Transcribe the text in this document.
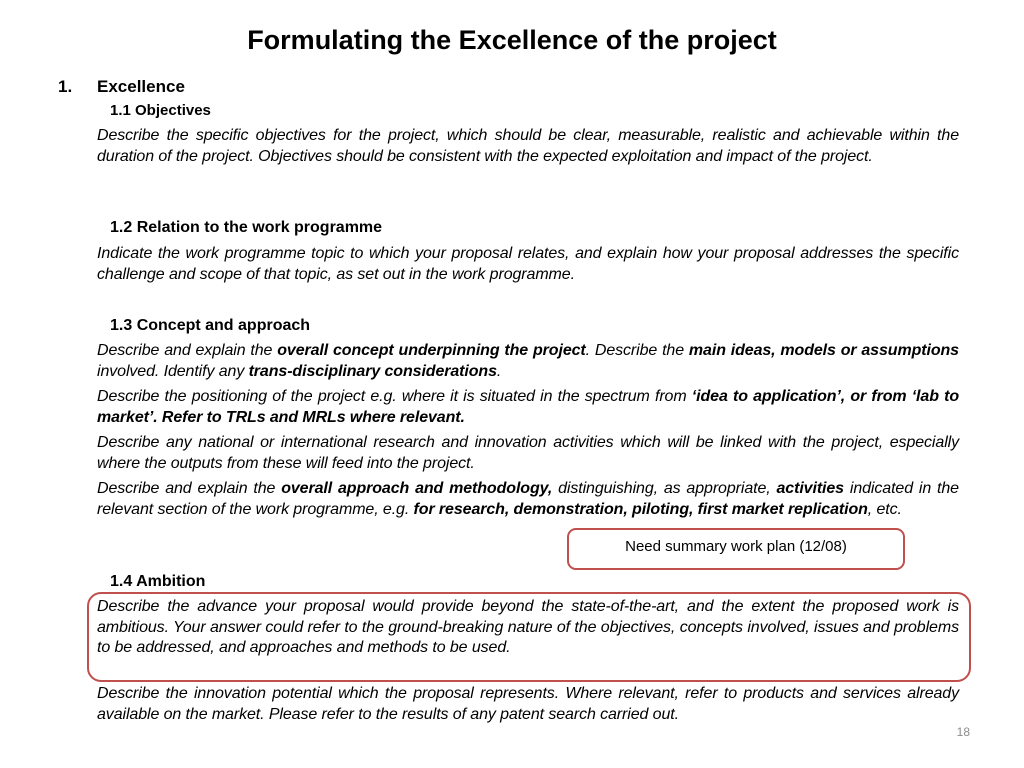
Formulating the Excellence of the project
1. Excellence
1.1 Objectives
Describe the specific objectives for the project, which should be clear, measurable, realistic and achievable within the duration of the project. Objectives should be consistent with the expected exploitation and impact of the project.
1.2 Relation to the work programme
Indicate the work programme topic to which your proposal relates, and explain how your proposal addresses the specific challenge and scope of that topic, as set out in the work programme.
1.3 Concept and approach
Describe and explain the overall concept underpinning the project. Describe the main ideas, models or assumptions involved. Identify any trans-disciplinary considerations.
Describe the positioning of the project e.g. where it is situated in the spectrum from ‘idea to application’, or from ‘lab to market’. Refer to TRLs and MRLs where relevant.
Describe any national or international research and innovation activities which will be linked with the project, especially where the outputs from these will feed into the project.
Describe and explain the overall approach and methodology, distinguishing, as appropriate, activities indicated in the relevant section of the work programme, e.g. for research, demonstration, piloting, first market replication, etc.
Need summary work plan (12/08)
1.4 Ambition
Describe the advance your proposal would provide beyond the state-of-the-art, and the extent the proposed work is ambitious. Your answer could refer to the ground-breaking nature of the objectives, concepts involved, issues and problems to be addressed, and approaches and methods to be used.
Describe the innovation potential which the proposal represents. Where relevant, refer to products and services already available on the market. Please refer to the results of any patent search carried out.
18
